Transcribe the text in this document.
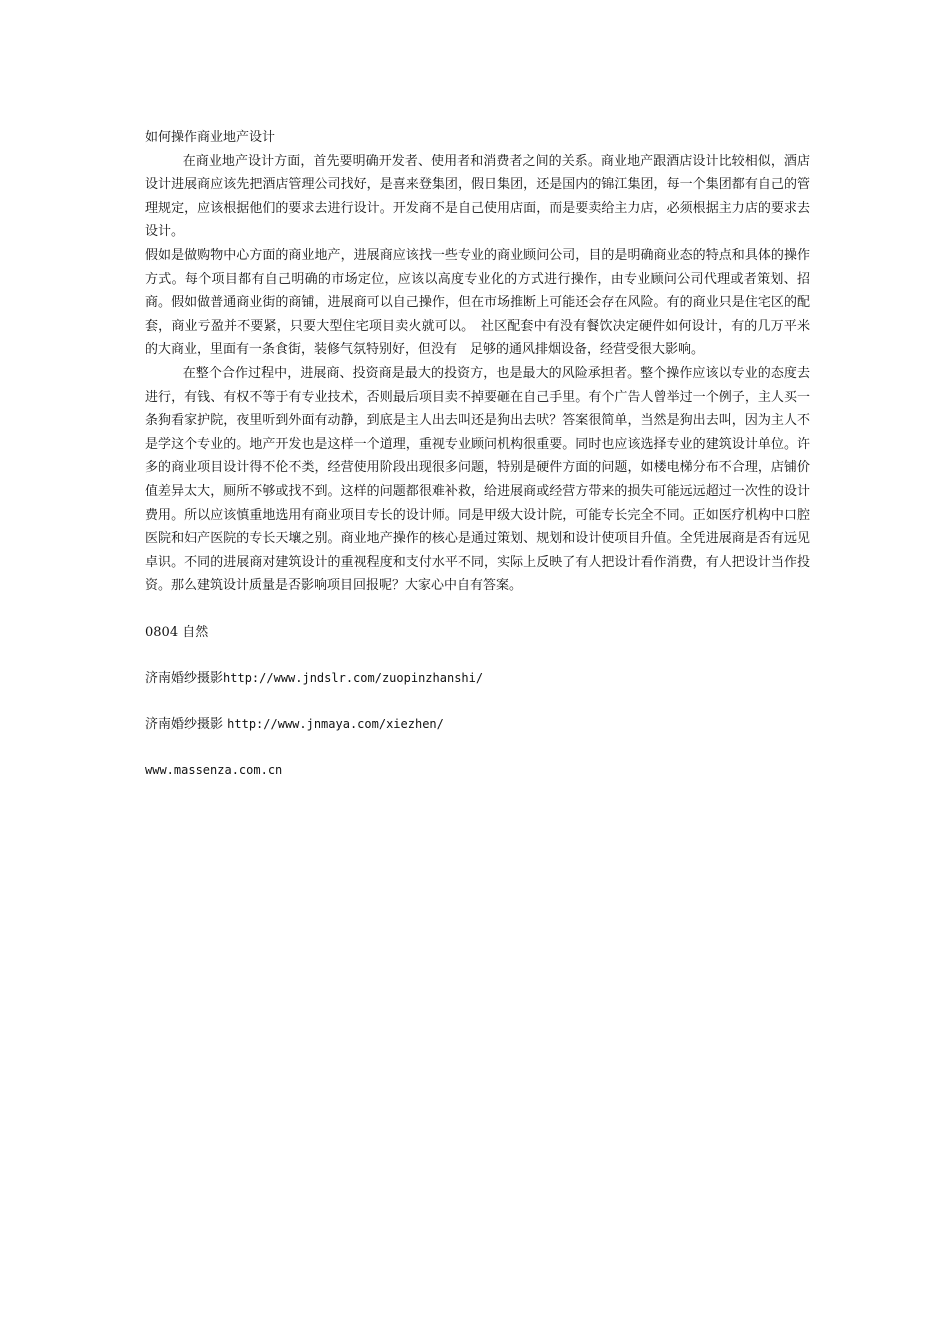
如何操作商业地产设计

在商业地产设计方面，首先要明确开发者、使用者和消费者之间的关系。商业地产跟酒店设计比较相似，酒店设计进展商应该先把酒店管理公司找好，是喜来登集团，假日集团，还是国内的锦江集团，每一个集团都有自己的管理规定，应该根据他们的要求去进行设计。开发商不是自己使用店面，而是要卖给主力店，必须根据主力店的要求去设计。

假如是做购物中心方面的商业地产，进展商应该找一些专业的商业顾问公司，目的是明确商业态的特点和具体的操作方式。每个项目都有自己明确的市场定位，应该以高度专业化的方式进行操作，由专业顾问公司代理或者策划、招商。假如做普通商业街的商铺，进展商可以自己操作，但在市场推断上可能还会存在风险。有的商业只是住宅区的配套，商业亏盈并不要紧，只要大型住宅项目卖火就可以。　社区配套中有没有餐饮决定硬件如何设计，有的几万平米的大商业，里面有一条食街，装修气氛特别好，但没有　足够的通风排烟设备，经营受很大影响。

在整个合作过程中，进展商、投资商是最大的投资方，也是最大的风险承担者。整个操作应该以专业的态度去进行，有钱、有权不等于有专业技术，否则最后项目卖不掉要砸在自己手里。有个广告人曾举过一个例子，主人买一条狗看家护院，夜里听到外面有动静，到底是主人出去叫还是狗出去吠？答案很简单，当然是狗出去叫，因为主人不是学这个专业的。地产开发也是这样一个道理，重视专业顾问机构很重要。同时也应该选择专业的建筑设计单位。许多的商业项目设计得不伦不类，经营使用阶段出现很多问题，特别是硬件方面的问题，如楼电梯分布不合理，店铺价值差异太大，厕所不够或找不到。这样的问题都很难补救，给进展商或经营方带来的损失可能远远超过一次性的设计费用。所以应该慎重地选用有商业项目专长的设计师。同是甲级大设计院，可能专长完全不同。正如医疗机构中口腔医院和妇产医院的专长天壤之别。商业地产操作的核心是通过策划、规划和设计使项目升值。全凭进展商是否有远见卓识。不同的进展商对建筑设计的重视程度和支付水平不同，实际上反映了有人把设计看作消费，有人把设计当作投资。那么建筑设计质量是否影响项目回报呢？大家心中自有答案。

0804 自然

济南婚纱摄影http://www.jndslr.com/zuopinzhanshi/

济南婚纱摄影 http://www.jnmaya.com/xiezhen/

www.massenza.com.cn
